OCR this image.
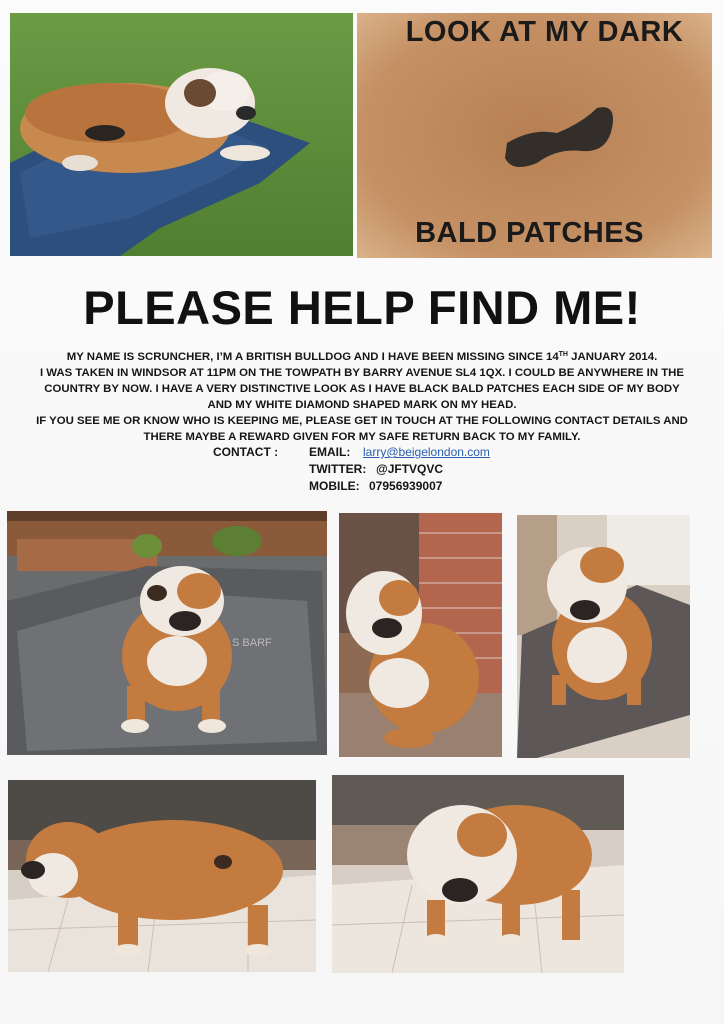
LOOK AT MY DARK
BALD PATCHES
PLEASE HELP FIND ME!

MY NAME IS SCRUNCHER, I’M A BRITISH BULLDOG AND I HAVE BEEN MISSING SINCE 14TH JANUARY 2014.

I WAS TAKEN IN WINDSOR AT 11PM ON THE TOWPATH BY BARRY AVENUE SL4 1QX. I COULD BE ANYWHERE IN THE

COUNTRY BY NOW. I HAVE A VERY DISTINCTIVE LOOK AS I HAVE BLACK BALD PATCHES EACH SIDE OF MY BODY

AND MY WHITE DIAMOND SHAPED MARK ON MY HEAD.

IF YOU SEE ME OR KNOW WHO IS KEEPING ME, PLEASE GET IN TOUCH AT THE FOLLOWING CONTACT DETAILS AND

THERE MAYBE A REWARD GIVEN FOR MY SAFE RETURN BACK TO MY FAMILY.

CONTACT :	EMAIL: larry@beigelondon.com
TWITTER: @JFTVQVC
MOBILE: 07956939007
S BARF
